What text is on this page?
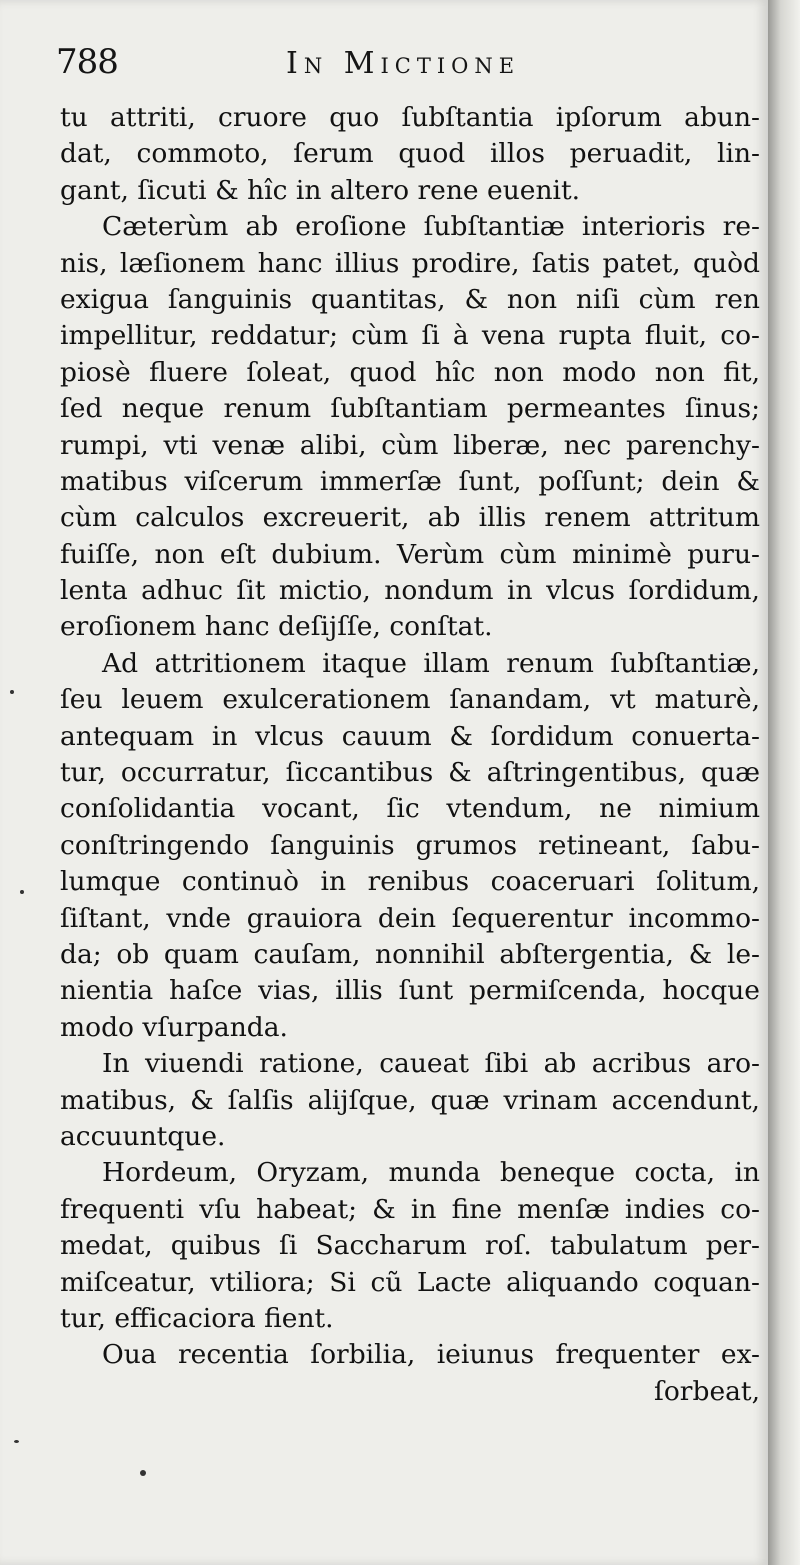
788	In Mictione
tu attriti, cruore quo ſubſtantia ipſorum abun-
dat, commoto, ſerum quod illos peruadit, lin-
gant, ſicuti & hîc in altero rene euenit.
Cæterùm ab eroſione ſubſtantiæ interioris re-
nis, læſionem hanc illius prodire, ſatis patet, quòd
exigua ſanguinis quantitas, & non niſi cùm ren
impellitur, reddatur; cùm ſi à vena rupta fluit, co-
piosè fluere ſoleat, quod hîc non modo non fit,
ſed neque renum ſubſtantiam permeantes ſinus;
rumpi, vti venæ alibi, cùm liberæ, nec parenchy-
matibus viſcerum immerſæ ſunt, poſſunt; dein &
cùm calculos excreuerit, ab illis renem attritum
fuiſſe, non eſt dubium. Verùm cùm minimè puru-
lenta adhuc ſit mictio, nondum in vlcus ſordidum,
eroſionem hanc deſijſſe, conſtat.
Ad attritionem itaque illam renum ſubſtantiæ,
ſeu leuem exulcerationem ſanandam, vt maturè,
antequam in vlcus cauum & ſordidum conuerta-
tur, occurratur, ſiccantibus & aſtringentibus, quæ
conſolidantia vocant, ſic vtendum, ne nimium
conſtringendo ſanguinis grumos retineant, ſabu-
lumque continuò in renibus coaceruari ſolitum,
ſiſtant, vnde grauiora dein ſequerentur incommo-
da; ob quam cauſam, nonnihil abſtergentia, & le-
nientia haſce vias, illis ſunt permiſcenda, hocque
modo vſurpanda.
In viuendi ratione, caueat ſibi ab acribus aro-
matibus, & ſalſis alijſque, quæ vrinam accendunt,
accuuntque.
Hordeum, Oryzam, munda beneque cocta, in
frequenti vſu habeat; & in fine menſæ indies co-
medat, quibus ſi Saccharum roſ. tabulatum per-
miſceatur, vtiliora; Si cũ Lacte aliquando coquan-
tur, efficaciora fient.
Oua recentia ſorbilia, ieiunus frequenter ex-
ſorbeat,
